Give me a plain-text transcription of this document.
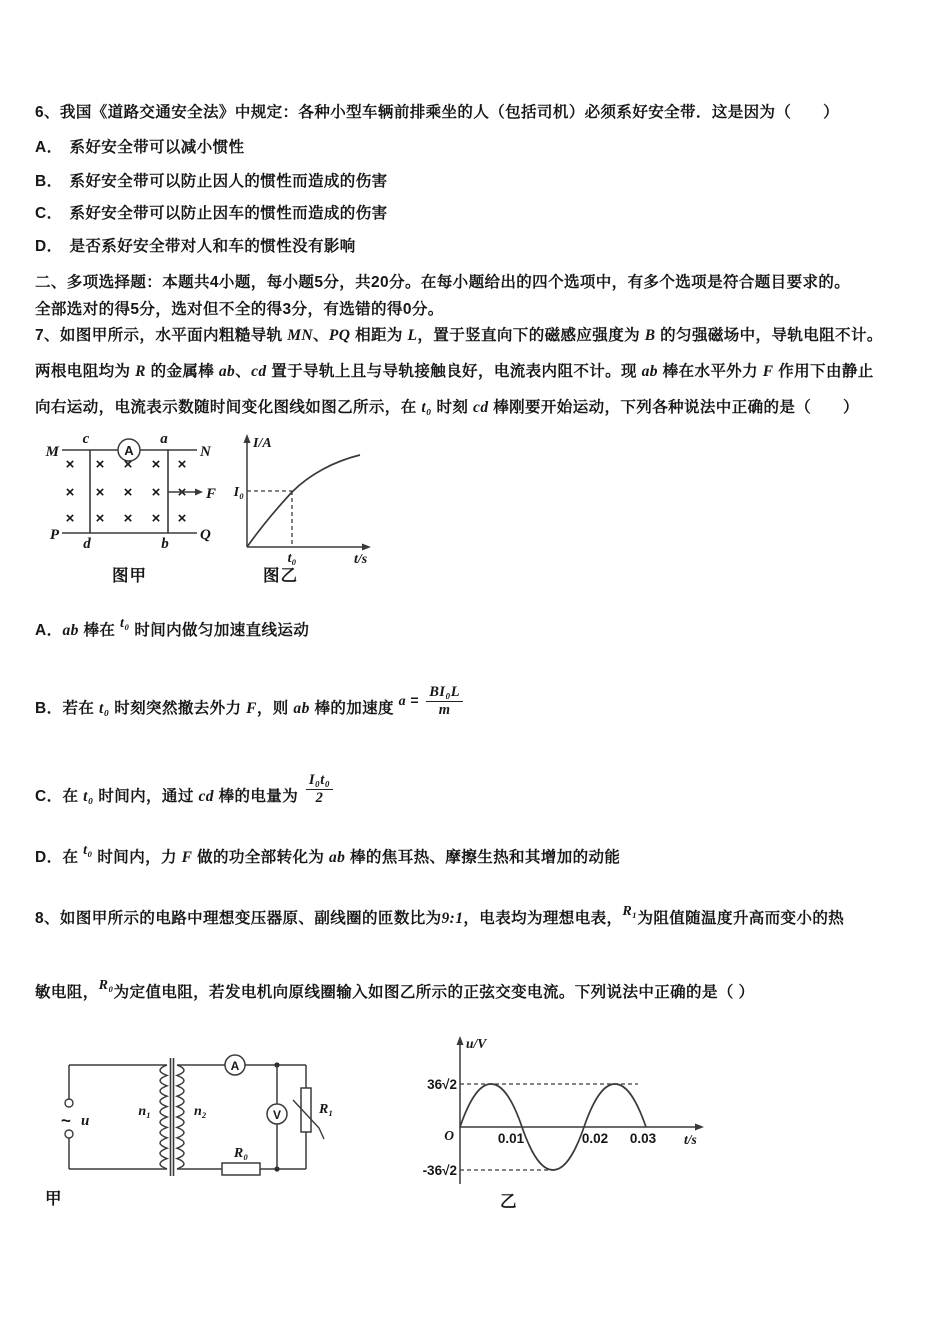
6、我国《道路交通安全法》中规定：各种小型车辆前排乘坐的人（包括司机）必须系好安全带．这是因为（　　）
A． 系好安全带可以减小惯性
B． 系好安全带可以防止因人的惯性而造成的伤害
C． 系好安全带可以防止因车的惯性而造成的伤害
D． 是否系好安全带对人和车的惯性没有影响
二、多项选择题：本题共4小题，每小题5分，共20分。在每小题给出的四个选项中，有多个选项是符合题目要求的。
全部选对的得5分，选对但不全的得3分，有选错的得0分。
7、如图甲所示，水平面内粗糙导轨 MN、PQ 相距为 L，置于竖直向下的磁感应强度为 B 的匀强磁场中，导轨电阻不计。
两根电阻均为 R 的金属棒 ab、cd 置于导轨上且与导轨接触良好，电流表内阻不计。现 ab 棒在水平外力 F 作用下由静止
向右运动，电流表示数随时间变化图线如图乙所示，在 t₀ 时刻 cd 棒刚要开始运动，下列各种说法中正确的是（　　）
A
M	N
P	Q
c	a
d	b
× × × × ×
× × × × ×
× × × × ×
F
图甲
I/A
t/s
I₀
t₀
图乙
A．ab 棒在 t₀ 时间内做匀加速直线运动
B．若在 t₀ 时刻突然撤去外力 F，则 ab 棒的加速度 $a = \frac{\text{BI₀L}}{m}$
C．在 t₀ 时间内，通过 cd 棒的电量为 $\frac{\text{I₀t₀}}{2}$
D．在 t₀ 时间内，力 F 做的功全部转化为 ab 棒的焦耳热、摩擦生热和其增加的动能
8、如图甲所示的电路中理想变压器原、副线圈的匝数比为9:1，电表均为理想电表，R₁为阻值随温度升高而变小的热
敏电阻，R₀为定值电阻，若发电机向原线圈输入如图乙所示的正弦交变电流。下列说法中正确的是（ ）
~ u
n₁	n₂
A
V	R₁
R₀
甲
u/V
t/s
O
36√2
-36√2
0.01	0.02 0.03
乙
